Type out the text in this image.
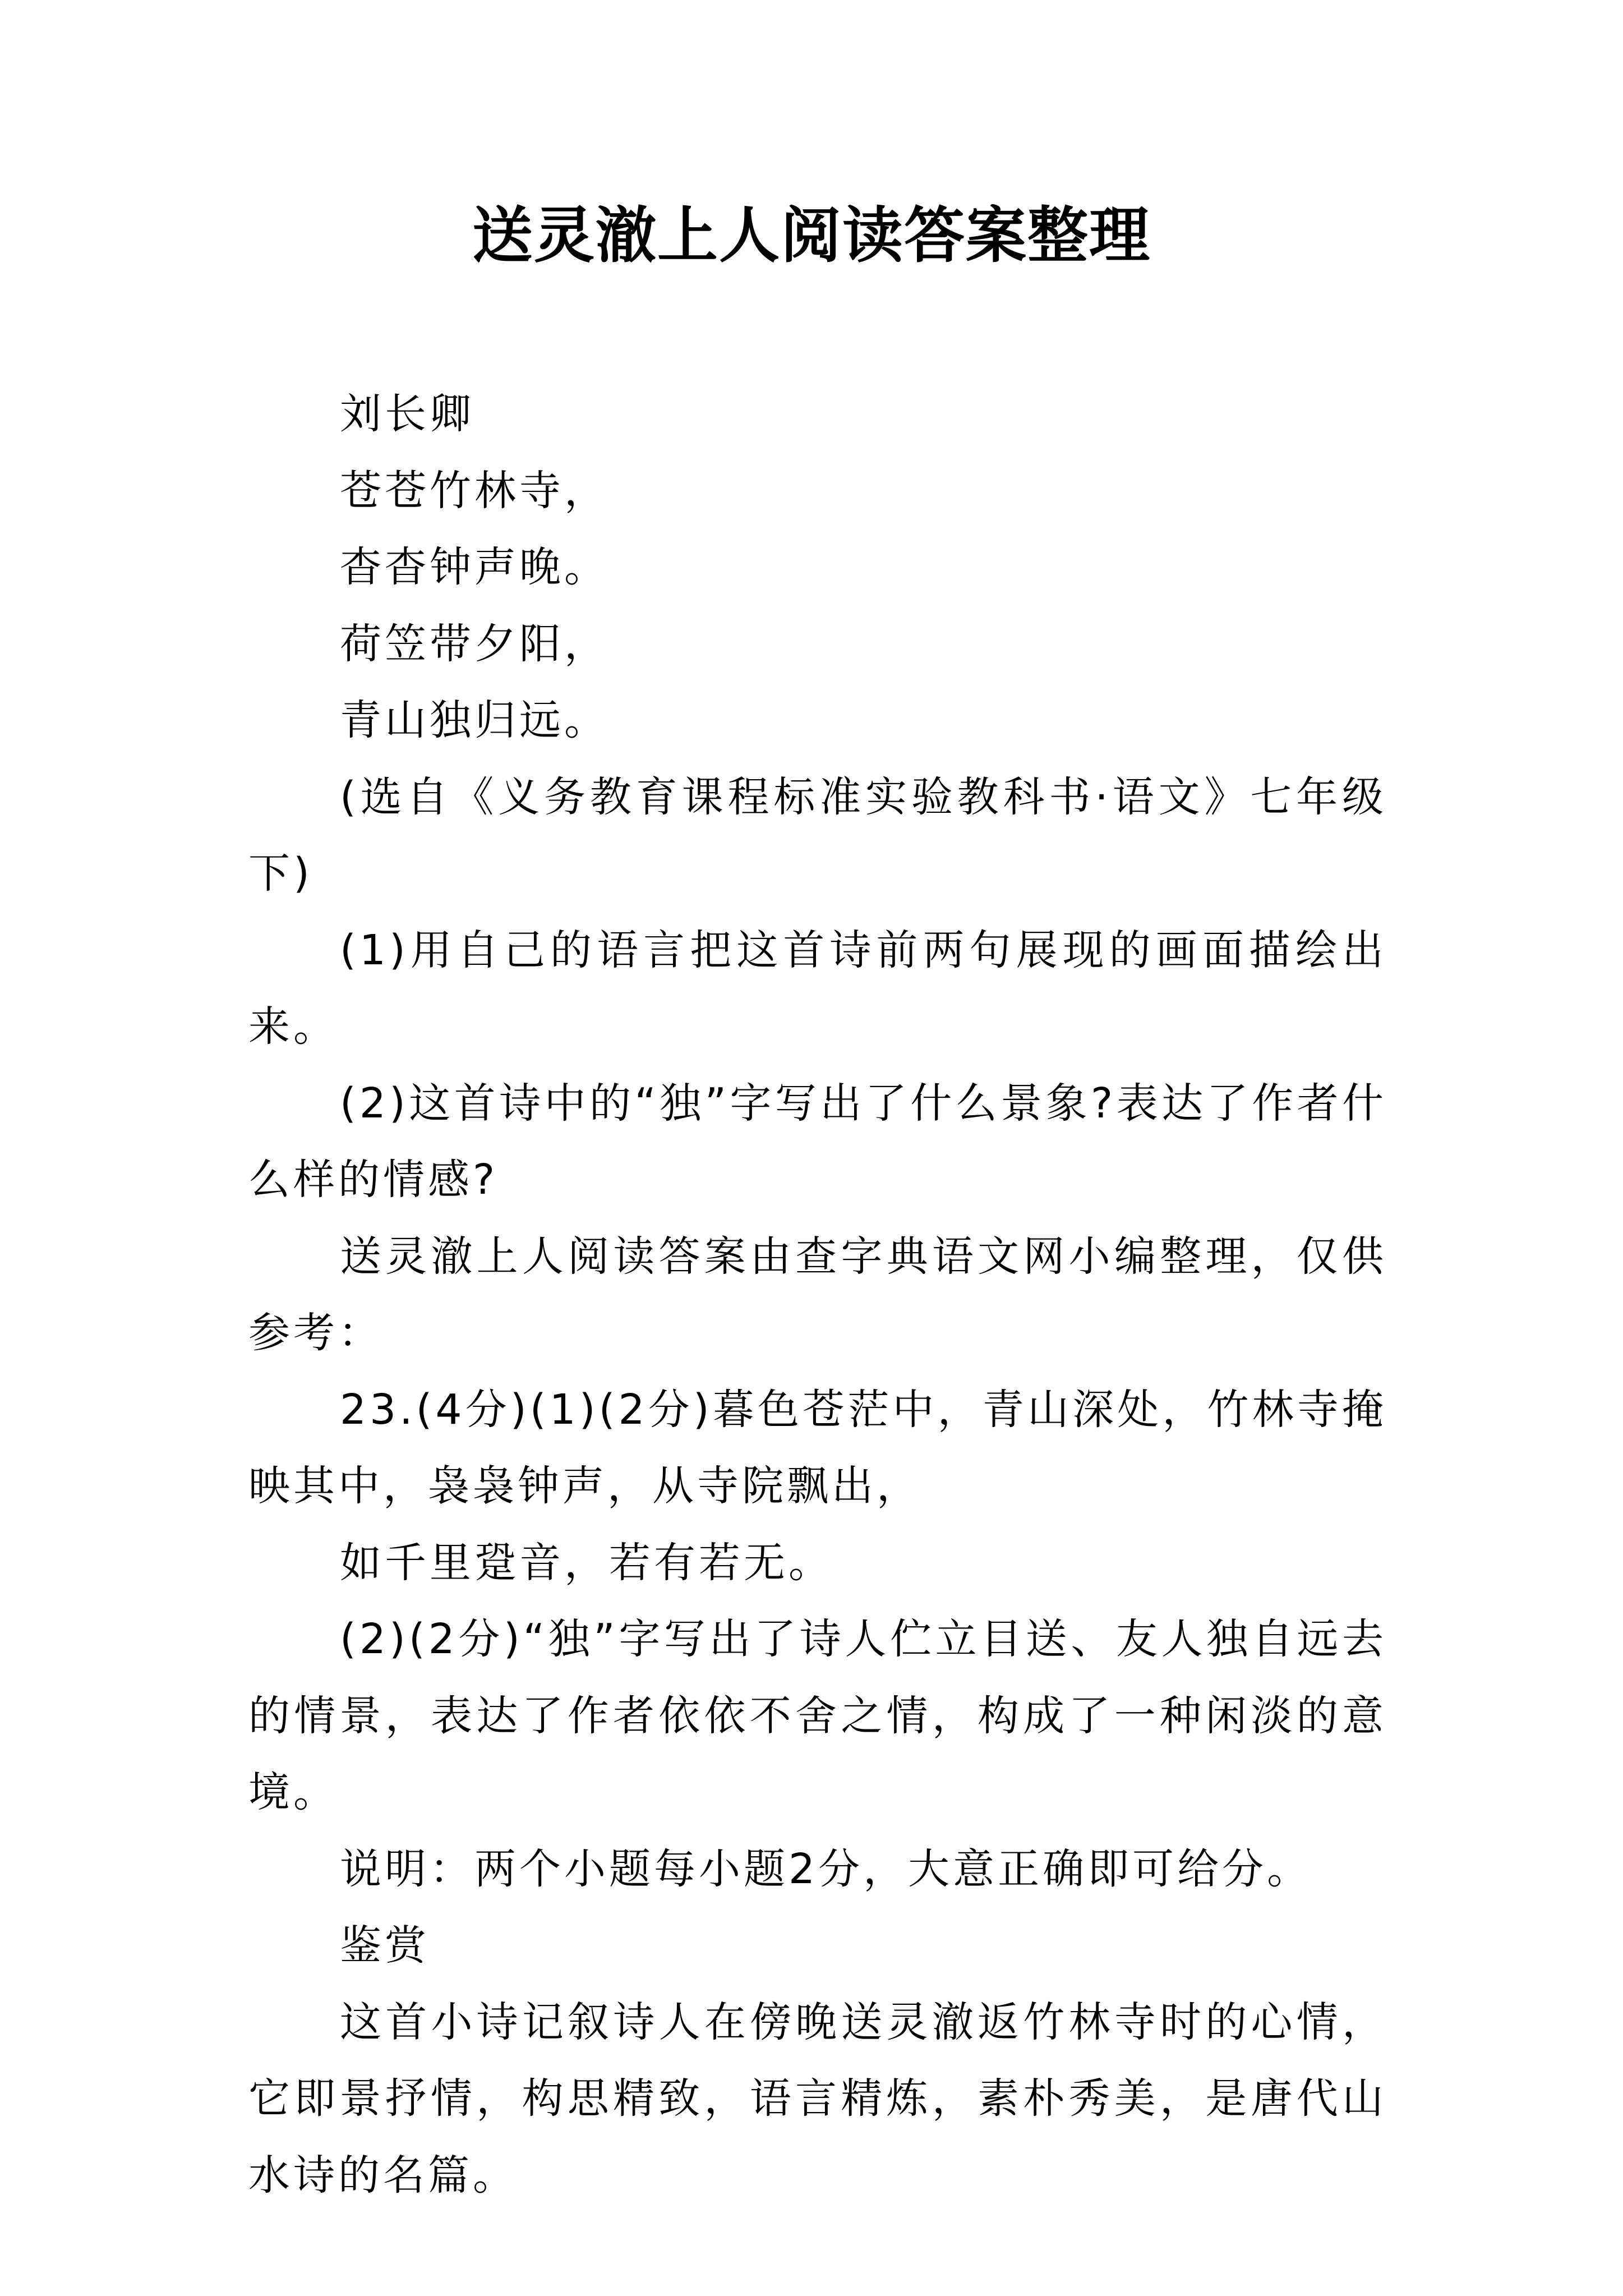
送灵澈上人阅读答案整理

刘长卿

苍苍竹林寺，

杳杳钟声晚。

荷笠带夕阳，

青山独归远。

(选自《义务教育课程标准实验教科书·语文》七年级下)

(1)用自己的语言把这首诗前两句展现的画面描绘出来。

(2)这首诗中的“独”字写出了什么景象?表达了作者什么样的情感?

送灵澈上人阅读答案由查字典语文网小编整理，仅供参考：

23.(4分)(1)(2分)暮色苍茫中，青山深处，竹林寺掩映其中，袅袅钟声，从寺院飘出，

如千里跫音，若有若无。

(2)(2分)“独”字写出了诗人伫立目送、友人独自远去的情景，表达了作者依依不舍之情，构成了一种闲淡的意境。

说明：两个小题每小题2分，大意正确即可给分。

鉴赏

这首小诗记叙诗人在傍晚送灵澈返竹林寺时的心情，它即景抒情，构思精致，语言精炼，素朴秀美，是唐代山水诗的名篇。
